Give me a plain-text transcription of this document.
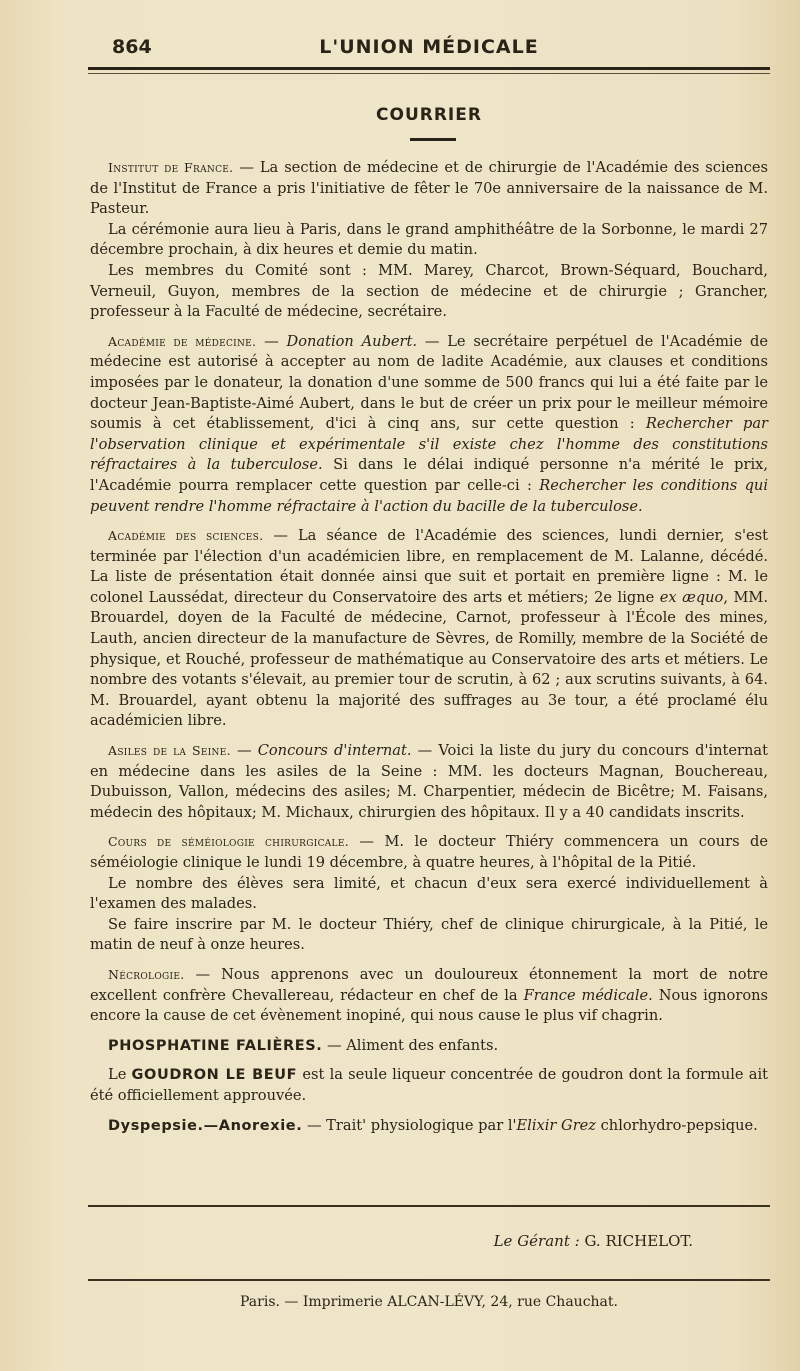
864	L'UNION MÉDICALE
COURRIER

Institut de France. — La section de médecine et de chirurgie de l'Académie des sciences de l'Institut de France a pris l'initiative de fêter le 70e anniversaire de la naissance de M. Pasteur.

La cérémonie aura lieu à Paris, dans le grand amphithéâtre de la Sorbonne, le mardi 27 décembre prochain, à dix heures et demie du matin.

Les membres du Comité sont : MM. Marey, Charcot, Brown-Séquard, Bouchard, Verneuil, Guyon, membres de la section de médecine et de chirurgie ; Grancher, professeur à la Faculté de médecine, secrétaire.

Académie de médecine. — Donation Aubert. — Le secrétaire perpétuel de l'Académie de médecine est autorisé à accepter au nom de ladite Académie, aux clauses et conditions imposées par le donateur, la donation d'une somme de 500 francs qui lui a été faite par le docteur Jean-Baptiste-Aimé Aubert, dans le but de créer un prix pour le meilleur mémoire soumis à cet établissement, d'ici à cinq ans, sur cette question : Rechercher par l'observation clinique et expérimentale s'il existe chez l'homme des constitutions réfractaires à la tuberculose. Si dans le délai indiqué personne n'a mérité le prix, l'Académie pourra remplacer cette question par celle-ci : Rechercher les conditions qui peuvent rendre l'homme réfractaire à l'action du bacille de la tuberculose.

Académie des sciences. — La séance de l'Académie des sciences, lundi dernier, s'est terminée par l'élection d'un académicien libre, en remplacement de M. Lalanne, décédé. La liste de présentation était donnée ainsi que suit et portait en première ligne : M. le colonel Laussédat, directeur du Conservatoire des arts et métiers; 2e ligne ex æquo, MM. Brouardel, doyen de la Faculté de médecine, Carnot, professeur à l'École des mines, Lauth, ancien directeur de la manufacture de Sèvres, de Romilly, membre de la Société de physique, et Rouché, professeur de mathématique au Conservatoire des arts et métiers. Le nombre des votants s'élevait, au premier tour de scrutin, à 62 ; aux scrutins suivants, à 64. M. Brouardel, ayant obtenu la majorité des suffrages au 3e tour, a été proclamé élu académicien libre.

Asiles de la Seine. — Concours d'internat. — Voici la liste du jury du concours d'internat en médecine dans les asiles de la Seine : MM. les docteurs Magnan, Bouchereau, Dubuisson, Vallon, médecins des asiles; M. Charpentier, médecin de Bicêtre; M. Faisans, médecin des hôpitaux; M. Michaux, chirurgien des hôpitaux. Il y a 40 candidats inscrits.

Cours de séméiologie chirurgicale. — M. le docteur Thiéry commencera un cours de séméiologie clinique le lundi 19 décembre, à quatre heures, à l'hôpital de la Pitié.

Le nombre des élèves sera limité, et chacun d'eux sera exercé individuellement à l'examen des malades.

Se faire inscrire par M. le docteur Thiéry, chef de clinique chirurgicale, à la Pitié, le matin de neuf à onze heures.

Nécrologie. — Nous apprenons avec un douloureux étonnement la mort de notre excellent confrère Chevallereau, rédacteur en chef de la France médicale. Nous ignorons encore la cause de cet évènement inopiné, qui nous cause le plus vif chagrin.

PHOSPHATINE FALIÈRES. — Aliment des enfants.

Le GOUDRON LE BEUF est la seule liqueur concentrée de goudron dont la formule ait été officiellement approuvée.

Dyspepsie.—Anorexie. — Trait' physiologique par l'Elixir Grez chlorhydro-pepsique.

Le Gérant : G. RICHELOT.
Paris. — Imprimerie ALCAN-LÉVY, 24, rue Chauchat.
